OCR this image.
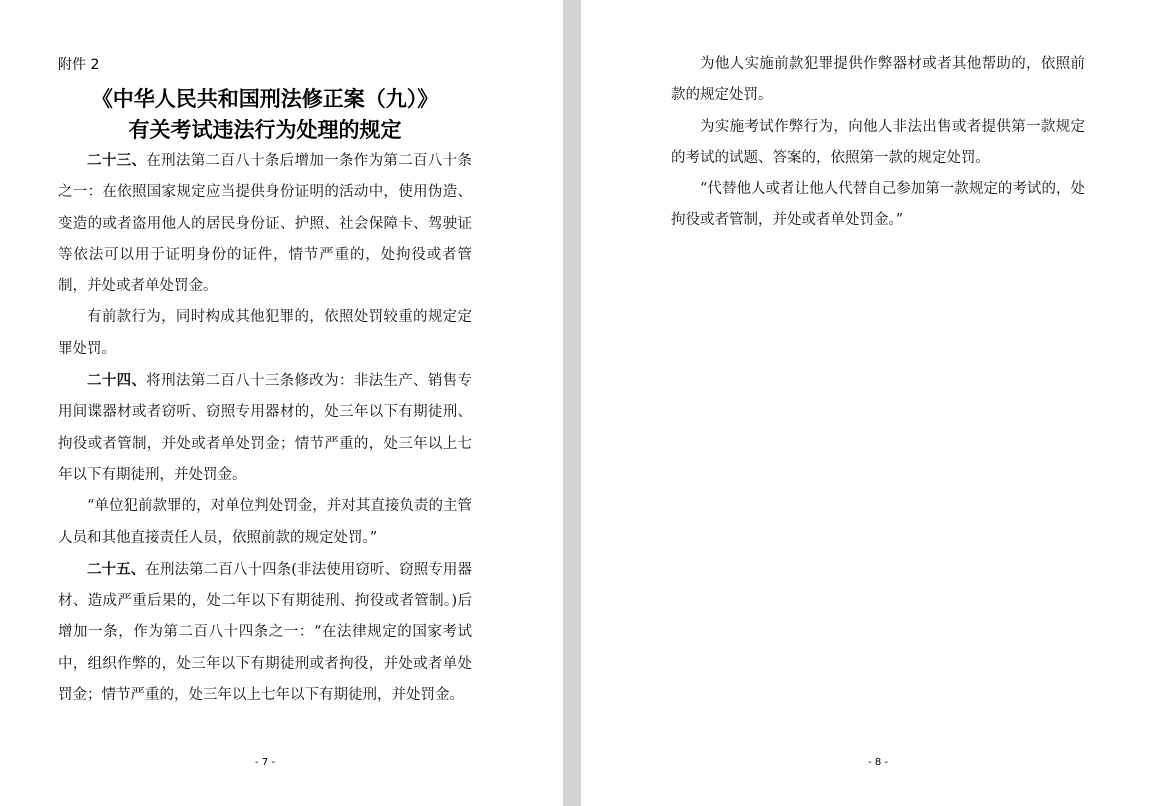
附件 2

《中华人民共和国刑法修正案（九）》
有关考试违法行为处理的规定

二十三、在刑法第二百八十条后增加一条作为第二百八十条之一：在依照国家规定应当提供身份证明的活动中，使用伪造、变造的或者盗用他人的居民身份证、护照、社会保障卡、驾驶证等依法可以用于证明身份的证件，情节严重的，处拘役或者管制，并处或者单处罚金。

有前款行为，同时构成其他犯罪的，依照处罚较重的规定定罪处罚。

二十四、将刑法第二百八十三条修改为：非法生产、销售专用间谍器材或者窃听、窃照专用器材的，处三年以下有期徒刑、拘役或者管制，并处或者单处罚金；情节严重的，处三年以上七年以下有期徒刑，并处罚金。

“单位犯前款罪的，对单位判处罚金，并对其直接负责的主管人员和其他直接责任人员，依照前款的规定处罚。”

二十五、在刑法第二百八十四条(非法使用窃听、窃照专用器材、造成严重后果的，处二年以下有期徒刑、拘役或者管制。)后增加一条，作为第二百八十四条之一：“在法律规定的国家考试中，组织作弊的，处三年以下有期徒刑或者拘役，并处或者单处罚金；情节严重的，处三年以上七年以下有期徒刑，并处罚金。

- 7 -	- 8 -

为他人实施前款犯罪提供作弊器材或者其他帮助的，依照前款的规定处罚。

为实施考试作弊行为，向他人非法出售或者提供第一款规定的考试的试题、答案的，依照第一款的规定处罚。

“代替他人或者让他人代替自己参加第一款规定的考试的，处拘役或者管制，并处或者单处罚金。”
